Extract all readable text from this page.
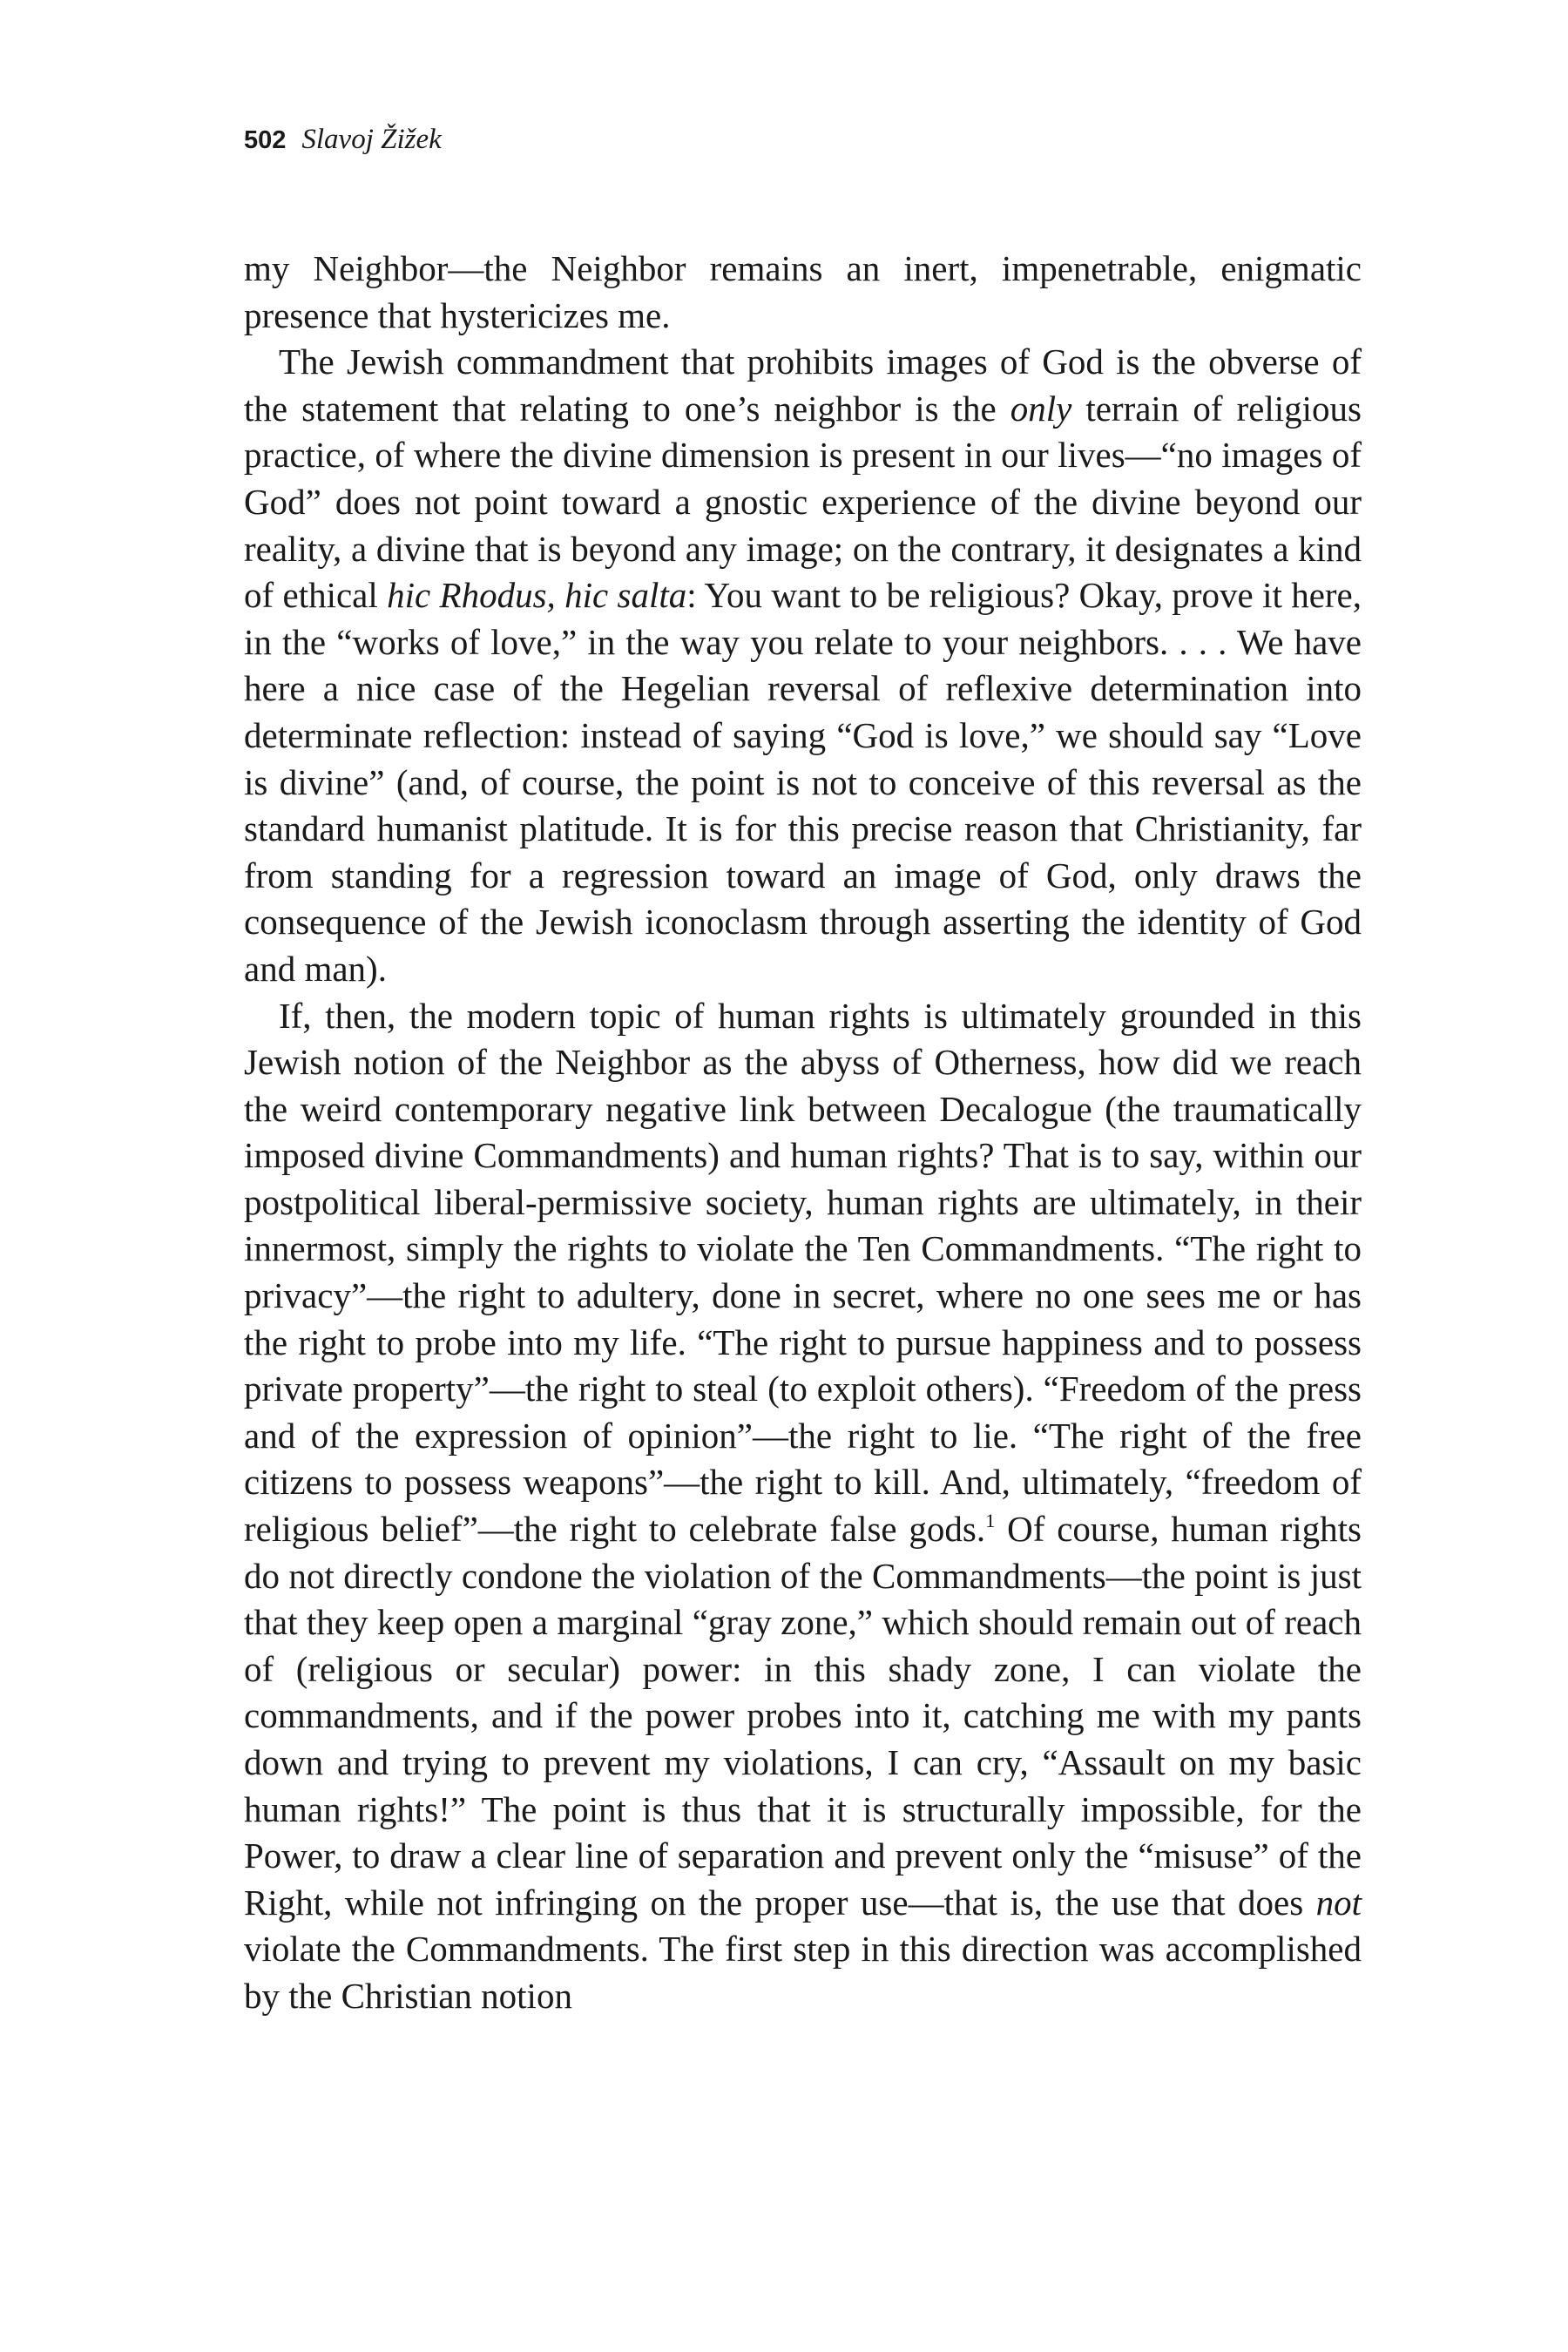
502 Slavoj Žižek

my Neighbor—the Neighbor remains an inert, impenetrable, enigmatic presence that hystericizes me.

The Jewish commandment that prohibits images of God is the obverse of the statement that relating to one’s neighbor is the only terrain of religious practice, of where the divine dimension is present in our lives—“no images of God” does not point toward a gnostic experience of the divine beyond our reality, a divine that is beyond any image; on the contrary, it designates a kind of ethical hic Rhodus, hic salta: You want to be religious? Okay, prove it here, in the “works of love,” in the way you relate to your neighbors. . . . We have here a nice case of the Hegelian reversal of reflexive determination into determinate reflection: instead of saying “God is love,” we should say “Love is divine” (and, of course, the point is not to conceive of this reversal as the standard humanist platitude. It is for this precise reason that Christianity, far from standing for a regression toward an image of God, only draws the consequence of the Jewish iconoclasm through asserting the identity of God and man).

If, then, the modern topic of human rights is ultimately grounded in this Jewish notion of the Neighbor as the abyss of Otherness, how did we reach the weird contemporary negative link between Decalogue (the traumatically imposed divine Commandments) and human rights? That is to say, within our postpolitical liberal-permissive society, human rights are ultimately, in their innermost, simply the rights to violate the Ten Commandments. “The right to privacy”—the right to adultery, done in secret, where no one sees me or has the right to probe into my life. “The right to pursue happiness and to possess private property”—the right to steal (to exploit others). “Freedom of the press and of the expression of opinion”—the right to lie. “The right of the free citizens to possess weapons”—the right to kill. And, ultimately, “freedom of religious belief”—the right to celebrate false gods.$^1$ Of course, human rights do not directly condone the violation of the Commandments—the point is just that they keep open a marginal “gray zone,” which should remain out of reach of (religious or secular) power: in this shady zone, I can violate the commandments, and if the power probes into it, catching me with my pants down and trying to prevent my violations, I can cry, “Assault on my basic human rights!” The point is thus that it is structurally impossible, for the Power, to draw a clear line of separation and prevent only the “misuse” of the Right, while not infringing on the proper use—that is, the use that does not violate the Commandments. The first step in this direction was accomplished by the Christian notion
